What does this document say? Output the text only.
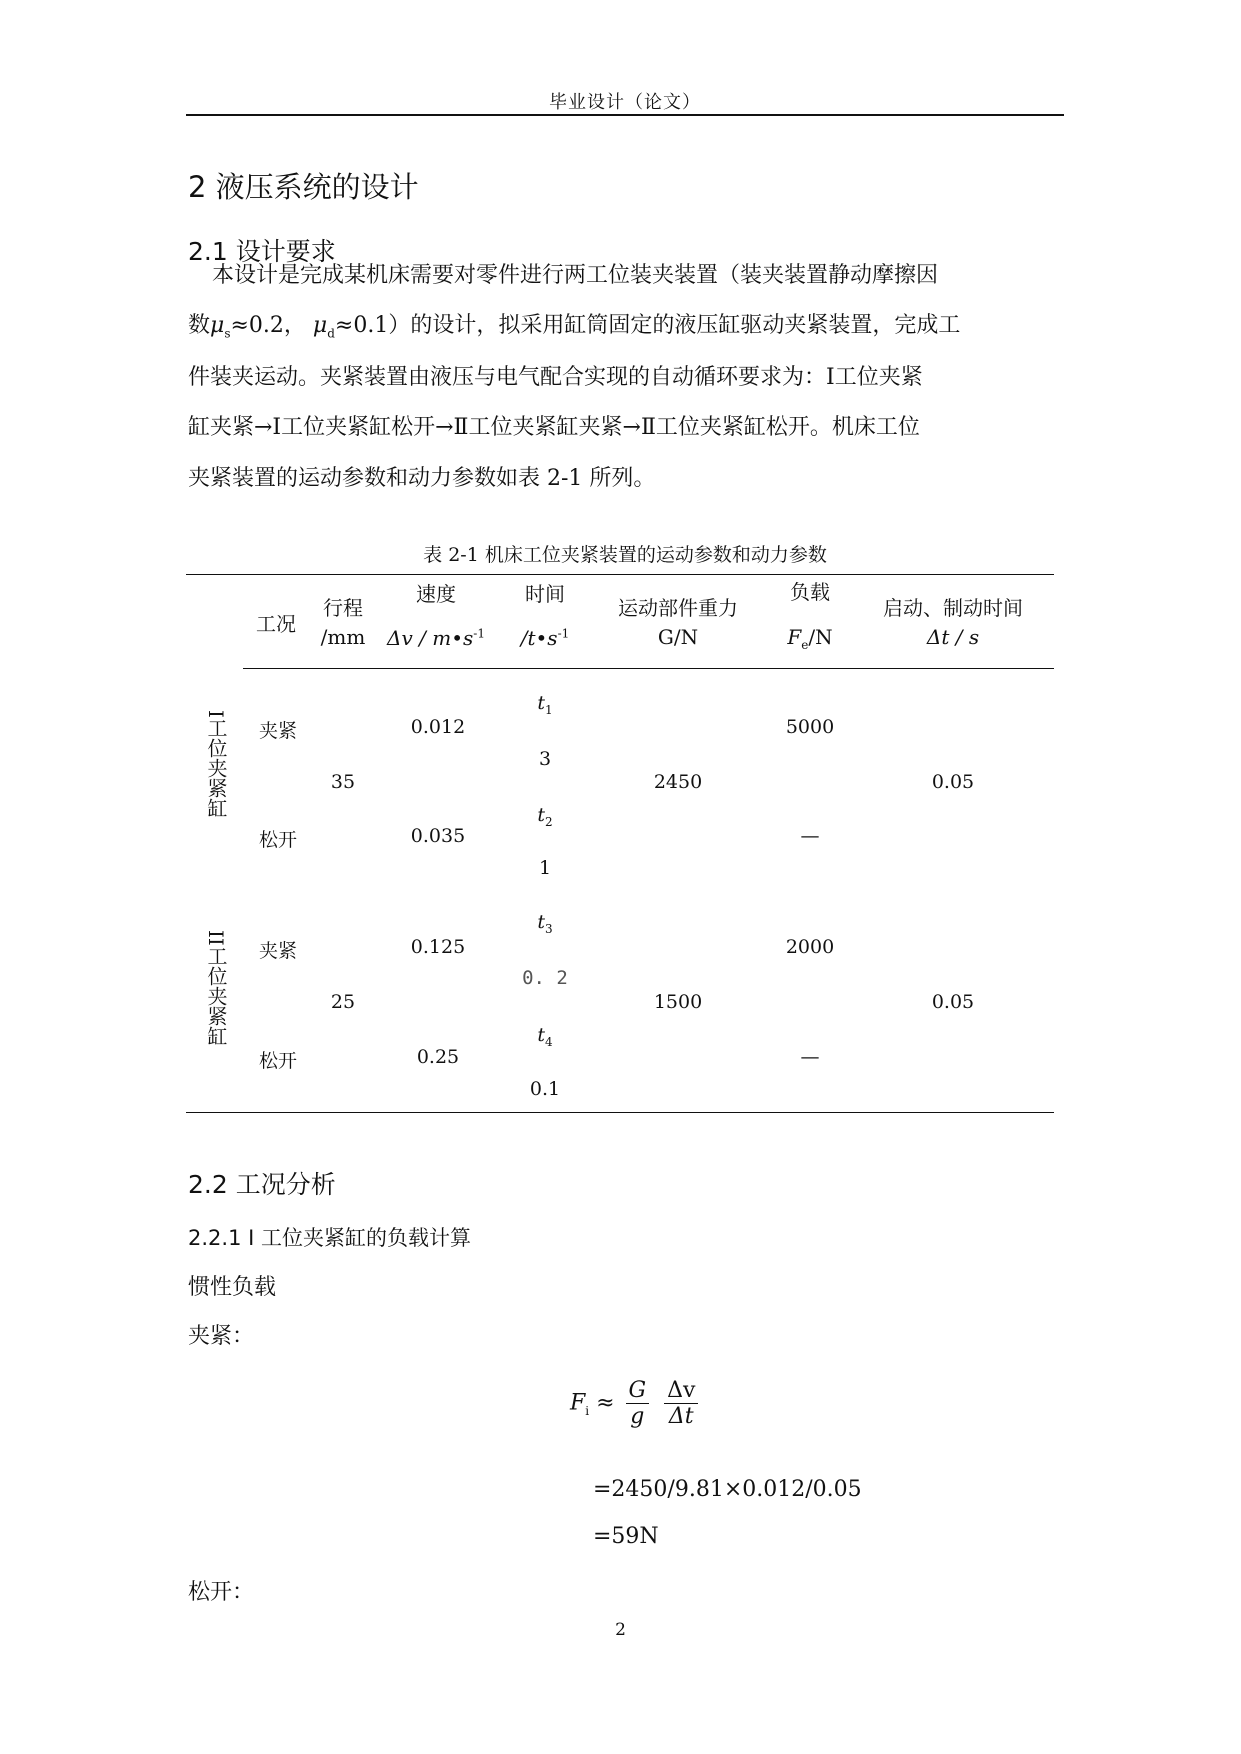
毕业设计（论文）
2 液压系统的设计
2.1 设计要求
本设计是完成某机床需要对零件进行两工位装夹装置（装夹装置静动摩擦因
数$\mu_s\approx 0.2$， $\mu_d\approx 0.1$）的设计，拟采用缸筒固定的液压缸驱动夹紧装置，完成工
件装夹运动。夹紧装置由液压与电气配合实现的自动循环要求为：Ⅰ工位夹紧
缸夹紧→Ⅰ工位夹紧缸松开→Ⅱ工位夹紧缸夹紧→Ⅱ工位夹紧缸松开。机床工位
夹紧装置的运动参数和动力参数如表 2-1 所列。
表 2-1 机床工位夹紧装置的运动参数和动力参数
工况
行程
/mm
速度
Δv / $m•s^{-1}$
时间
$/t•s^{-1}$
运动部件重力
G/N
负载
$F_e/N$
启动、制动时间
Δt / s
I工位夹紧缸 夹紧
35
0.012
$t_1$
3
2450
5000
0.05
松开	0.035
$t_2$
1
—
II工位夹紧缸 夹紧
25
0.125
$t_3$
0. 2
1500
2000
0.05
松开	0.25
$t_4$
0.1
—
2.2 工况分析
2.2.1 I 工位夹紧缸的负载计算
惯性负载
夹紧：
$F_i \approx \frac{G}{g}$
$\frac{\Delta v}{\Delta t}$
=2450/9.81×0.012/0.05
=59N
松开：
2
